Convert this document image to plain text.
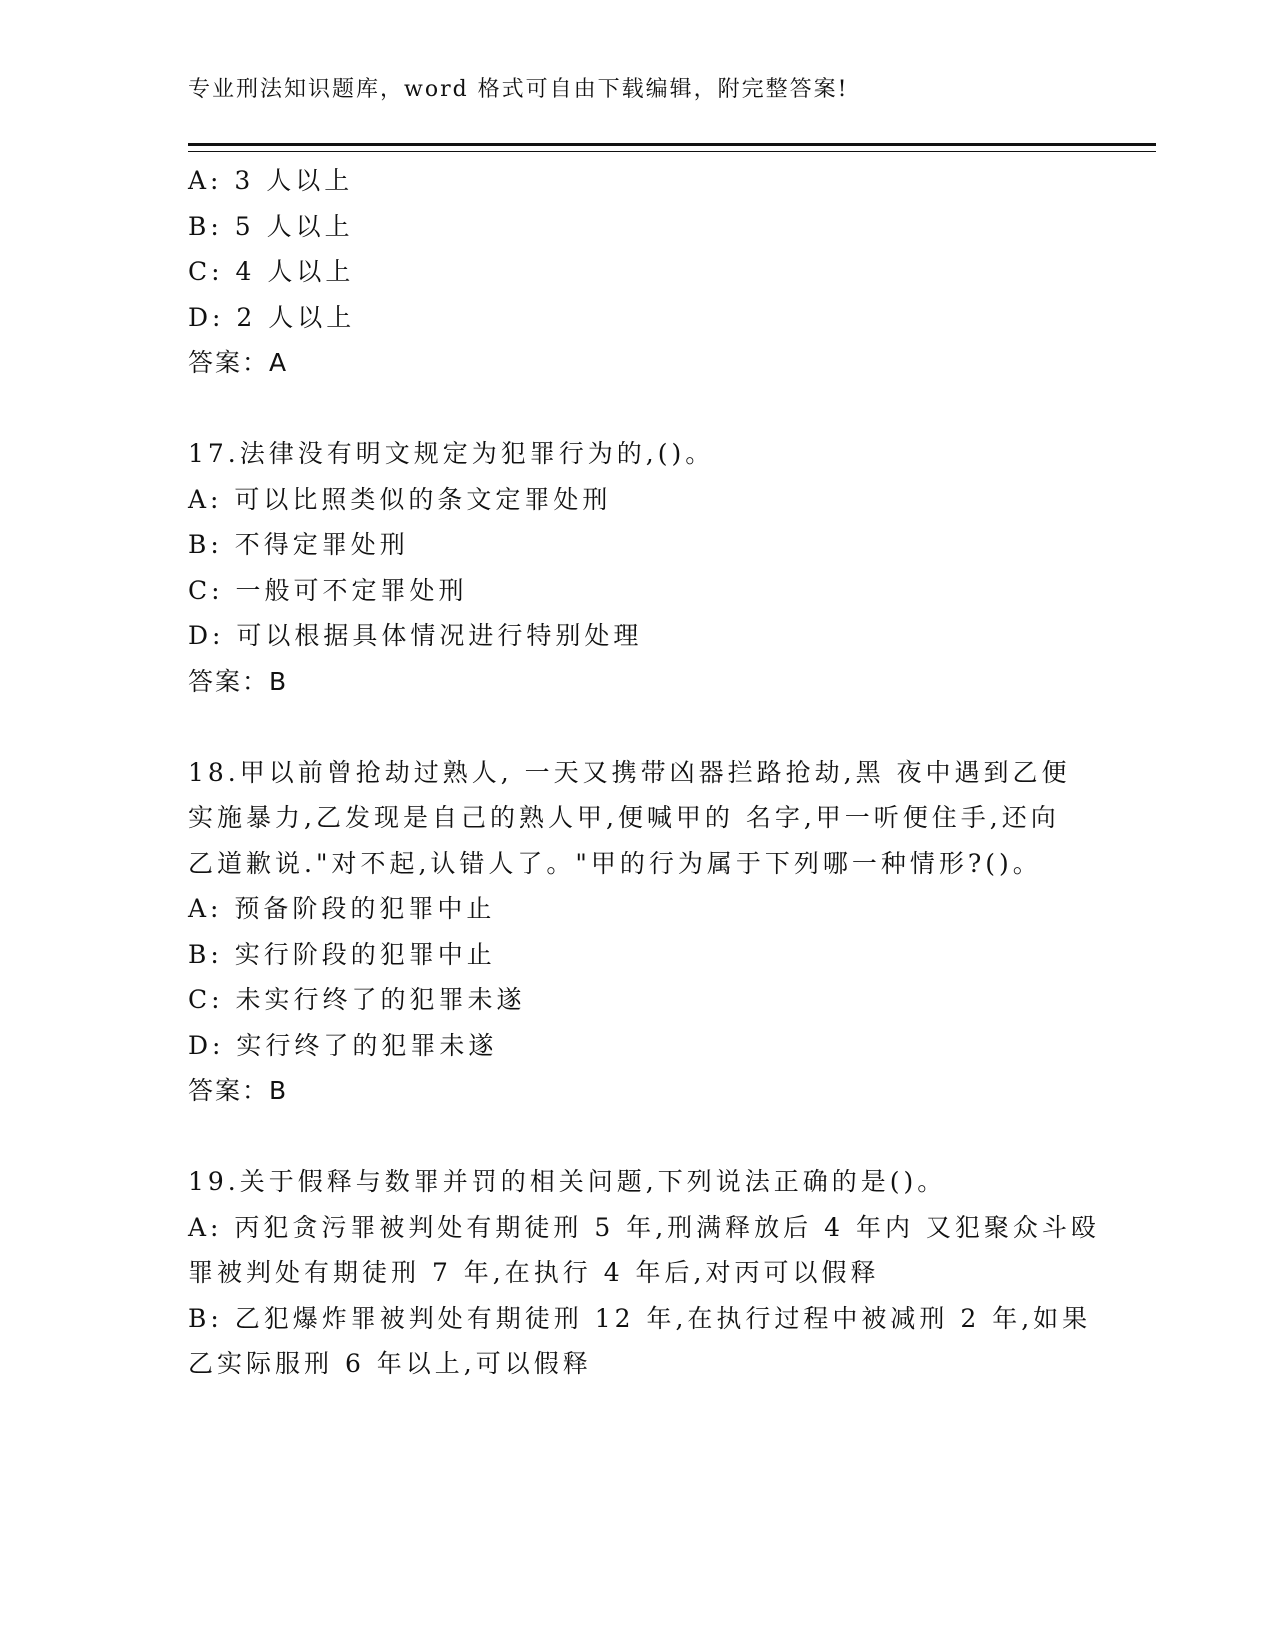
专业刑法知识题库，word 格式可自由下载编辑，附完整答案!
A: 3 人以上
B: 5 人以上
C: 4 人以上
D: 2 人以上
答案：A
17.法律没有明文规定为犯罪行为的,()。
A: 可以比照类似的条文定罪处刑
B: 不得定罪处刑
C: 一般可不定罪处刑
D: 可以根据具体情况进行特别处理
答案：B
18.甲以前曾抢劫过熟人, 一天又携带凶器拦路抢劫,黑 夜中遇到乙便
实施暴力,乙发现是自己的熟人甲,便喊甲的 名字,甲一听便住手,还向
乙道歉说."对不起,认错人了。"甲的行为属于下列哪一种情形?()。
A: 预备阶段的犯罪中止
B: 实行阶段的犯罪中止
C: 未实行终了的犯罪未遂
D: 实行终了的犯罪未遂
答案：B
19.关于假释与数罪并罚的相关问题,下列说法正确的是()。
A: 丙犯贪污罪被判处有期徒刑 5 年,刑满释放后 4 年内 又犯聚众斗殴
罪被判处有期徒刑 7 年,在执行 4 年后,对丙可以假释
B: 乙犯爆炸罪被判处有期徒刑 12 年,在执行过程中被减刑 2 年,如果
乙实际服刑 6 年以上,可以假释
